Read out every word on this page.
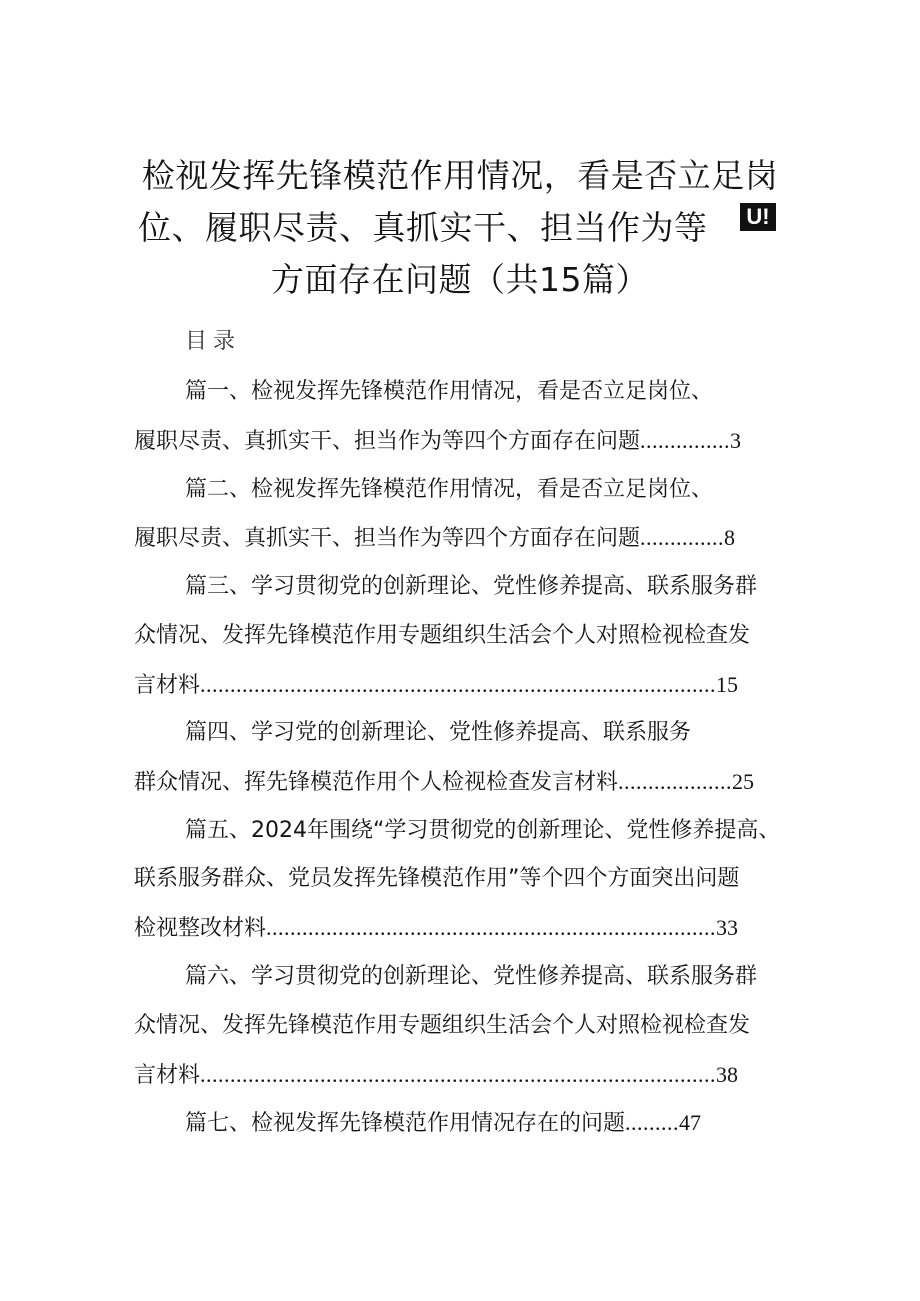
检视发挥先锋模范作用情况，看是否立足岗
位、履职尽责、真抓实干、担当作为等
方面存在问题（共15篇）
U!
目录
篇一、检视发挥先锋模范作用情况，看是否立足岗位、
履职尽责、真抓实干、担当作为等四个方面存在问题...............3
篇二、检视发挥先锋模范作用情况，看是否立足岗位、
履职尽责、真抓实干、担当作为等四个方面存在问题..............8
篇三、学习贯彻党的创新理论、党性修养提高、联系服务群
众情况、发挥先锋模范作用专题组织生活会个人对照检视检查发
言材料......................................................................................15
篇四、学习党的创新理论、党性修养提高、联系服务
群众情况、挥先锋模范作用个人检视检查发言材料...................25
篇五、2024年围绕“学习贯彻党的创新理论、党性修养提高、
联系服务群众、党员发挥先锋模范作用”等个四个方面突出问题
检视整改材料...........................................................................33
篇六、学习贯彻党的创新理论、党性修养提高、联系服务群
众情况、发挥先锋模范作用专题组织生活会个人对照检视检查发
言材料......................................................................................38
篇七、检视发挥先锋模范作用情况存在的问题.........47
